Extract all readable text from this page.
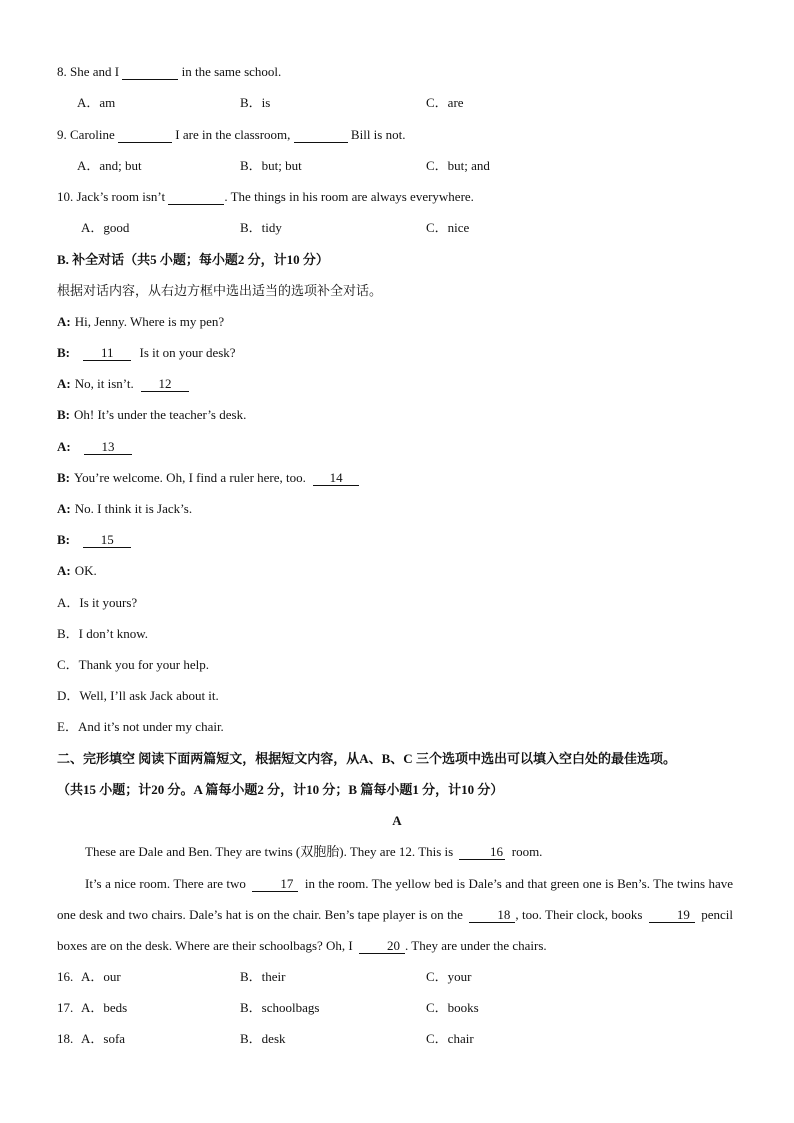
8. She and I	in the same school.
A．am	B．is	C．are
9. Caroline	I are in the classroom,	Bill is not.
A．and; but	B．but; but	C．but; and
10. Jack’s room isn’t	. The things in his room are always everywhere.
A．good	B．tidy	C．nice
B. 补全对话（共5 小题；每小题2 分，计10 分）
根据对话内容，从右边方框中选出适当的选项补全对话。
A: Hi, Jenny. Where is my pen?
B: 11 Is it on your desk?
A: No, it isn’t. 12
B: Oh! It’s under the teacher’s desk.
A: 13
B: You’re welcome. Oh, I find a ruler here, too. 14
A: No. I think it is Jack’s.
B: 15
A: OK.
A．Is it yours?
B．I don’t know.
C．Thank you for your help.
D．Well, I’ll ask Jack about it.
E．And it’s not under my chair.
二、完形填空 阅读下面两篇短文，根据短文内容，从A、B、C 三个选项中选出可以填入空白处的最佳选项。
（共15 小题；计20 分。A 篇每小题2 分，计10 分；B 篇每小题1 分，计10 分）
A
These are Dale and Ben. They are twins (双胞胎). They are 12. This is	16 room.
It’s a nice room. There are two	17 in the room. The yellow bed is Dale’s and that green one is Ben’s. The twins have one desk and two chairs. Dale’s hat is on the chair. Ben’s tape player is on the	18 , too. Their clock, books	19 pencil boxes are on the desk. Where are their schoolbags? Oh, I	20 . They are under the chairs.
16. A．our	B．their	C．your
17. A．beds	B．schoolbags	C．books
18. A．sofa	B．desk	C．chair
